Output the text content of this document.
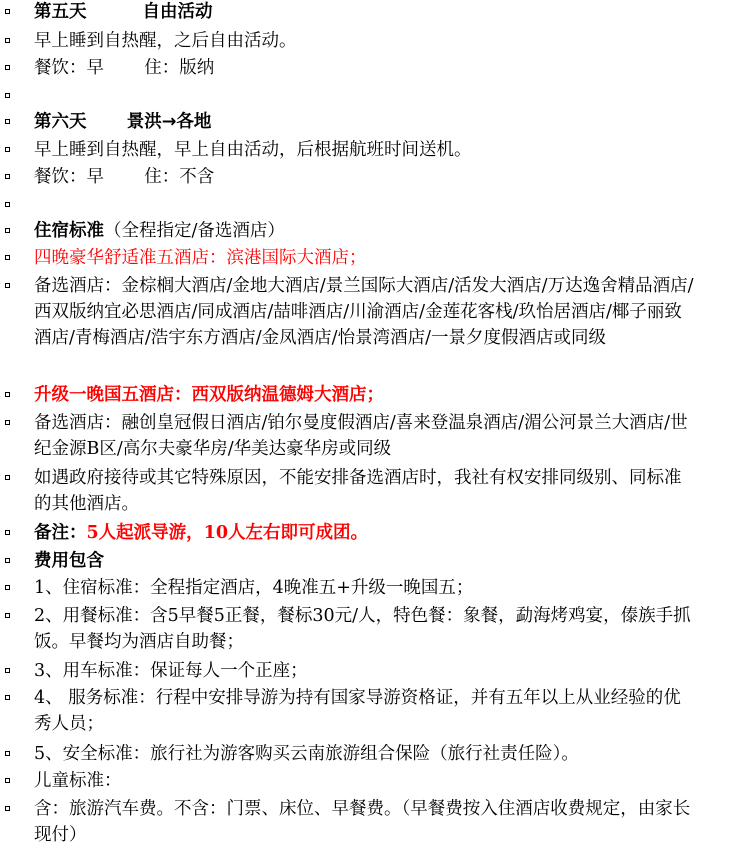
第五天	自由活动
早上睡到自热醒，之后自由活动。
餐饮：早 住：版纳
第六天 景洪→各地
早上睡到自热醒，早上自由活动，后根据航班时间送机。
餐饮：早 住：不含
住宿标准（全程指定/备选酒店）
四晚豪华舒适准五酒店：滨港国际大酒店；
备选酒店：金棕榈大酒店/金地大酒店/景兰国际大酒店/活发大酒店/万达逸舍精品酒店/西双版纳宜必思酒店/同成酒店/喆啡酒店/川渝酒店/金莲花客栈/玖怡居酒店/椰子丽致酒店/青梅酒店/浩宇东方酒店/金凤酒店/怡景湾酒店/一景夕度假酒店或同级
升级一晚国五酒店：西双版纳温德姆大酒店；
备选酒店：融创皇冠假日酒店/铂尔曼度假酒店/喜来登温泉酒店/湄公河景兰大酒店/世纪金源B区/高尔夫豪华房/华美达豪华房或同级
如遇政府接待或其它特殊原因，不能安排备选酒店时，我社有权安排同级别、同标准的其他酒店。
备注：5人起派导游，10人左右即可成团。
费用包含
1、住宿标准：全程指定酒店，4晚准五+升级一晚国五；
2、用餐标准：含5早餐5正餐，餐标30元/人，特色餐：象餐，勐海烤鸡宴，傣族手抓饭。早餐均为酒店自助餐；
3、用车标准：保证每人一个正座；
4、 服务标准：行程中安排导游为持有国家导游资格证，并有五年以上从业经验的优秀人员；
5、安全标准：旅行社为游客购买云南旅游组合保险（旅行社责任险）。
儿童标准：
含：旅游汽车费。不含：门票、床位、早餐费。（早餐费按入住酒店收费规定，由家长现付）
